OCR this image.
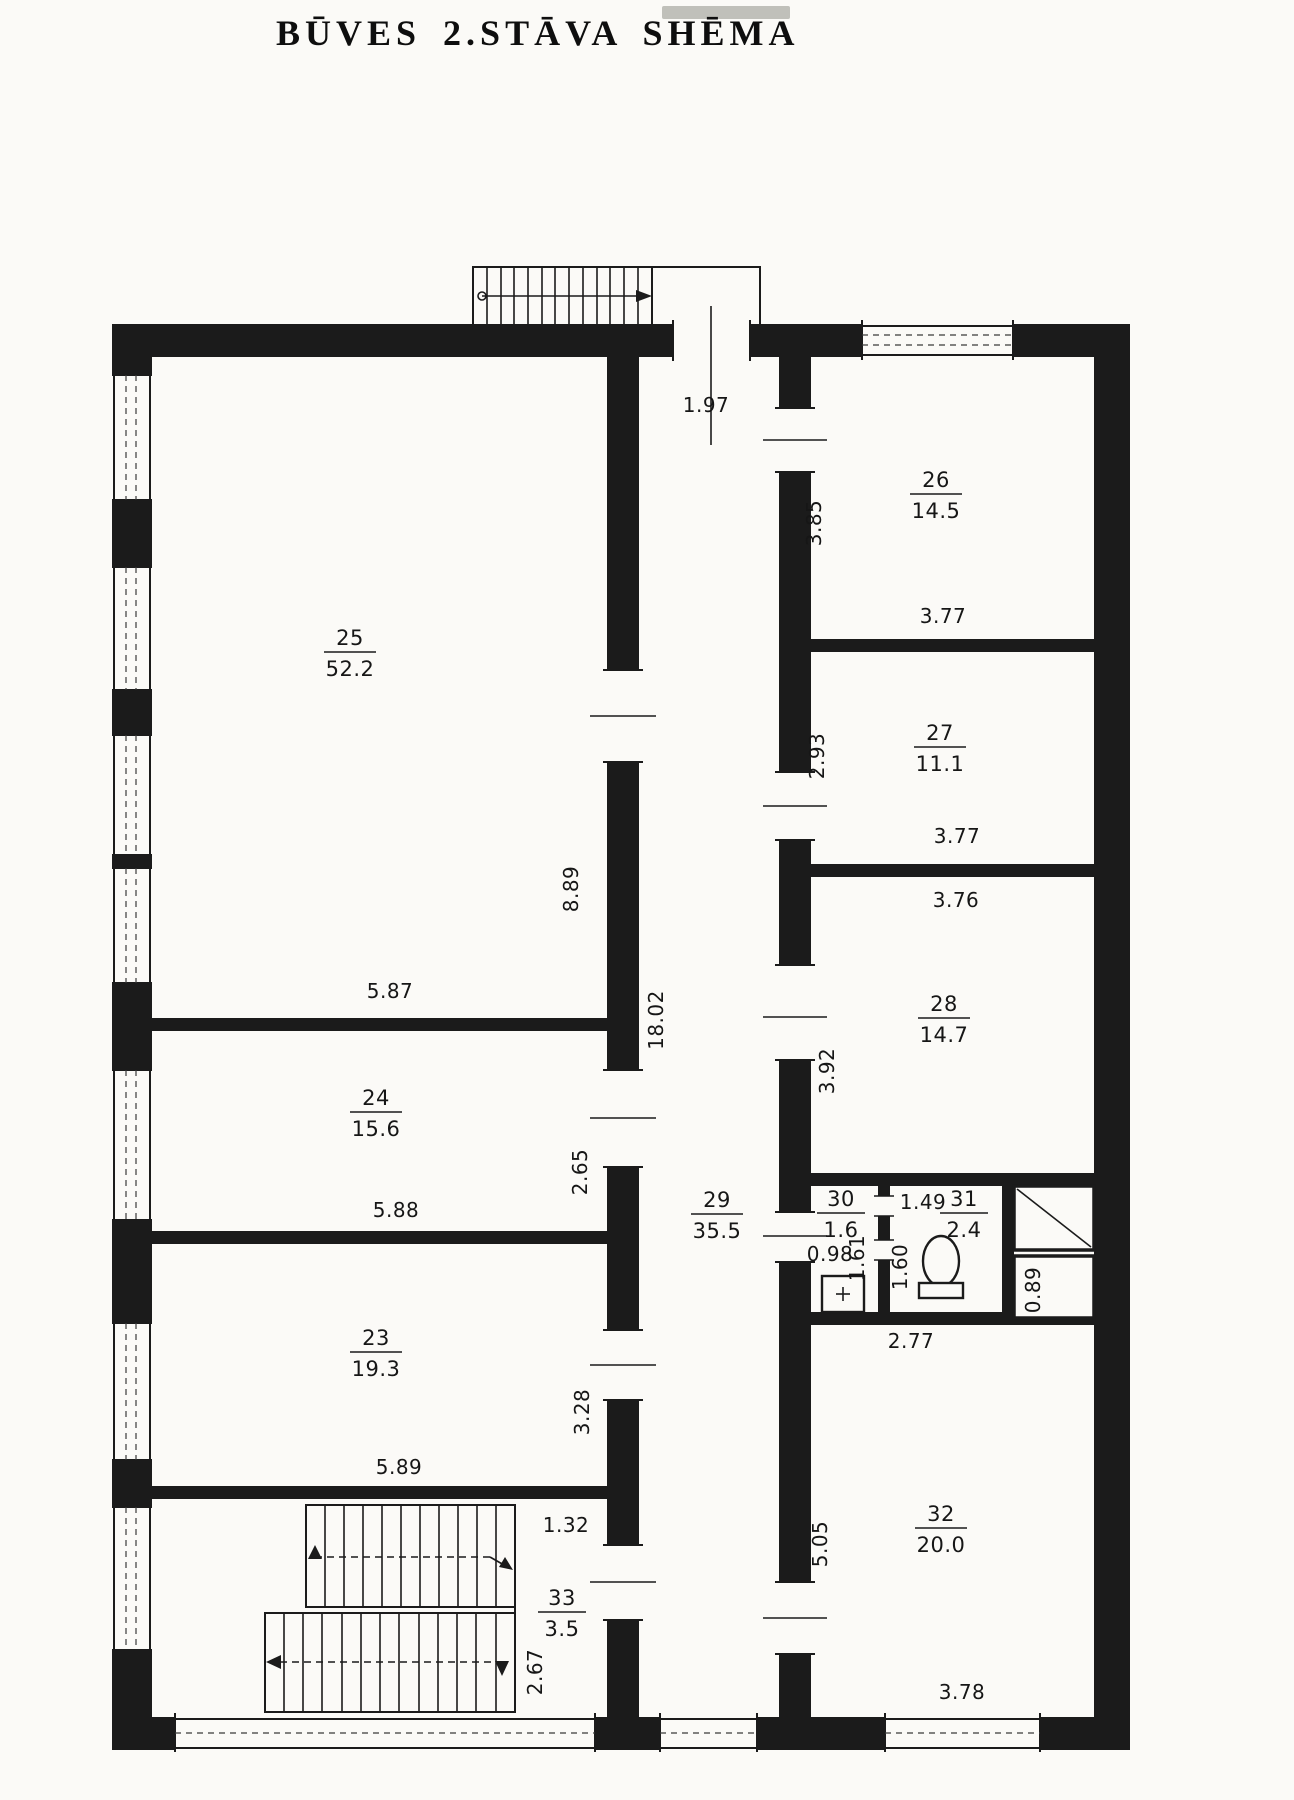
BŪVES 2.STĀVA SHĒMA
25
52.2
24
15.6
23
19.3
33
3.5
29
35.5
26
14.5
27
11.1
28
14.7
30
1.6
31
2.4
32
20.0
1.97
3.85
3.77
2.93
3.77
3.76
3.92
8.89
5.87	18.02
2.65
5.88
3.28
5.89
1.32
2.67
0.98
1.61
1.49
1.60	0.89
2.77
5.05
3.78
